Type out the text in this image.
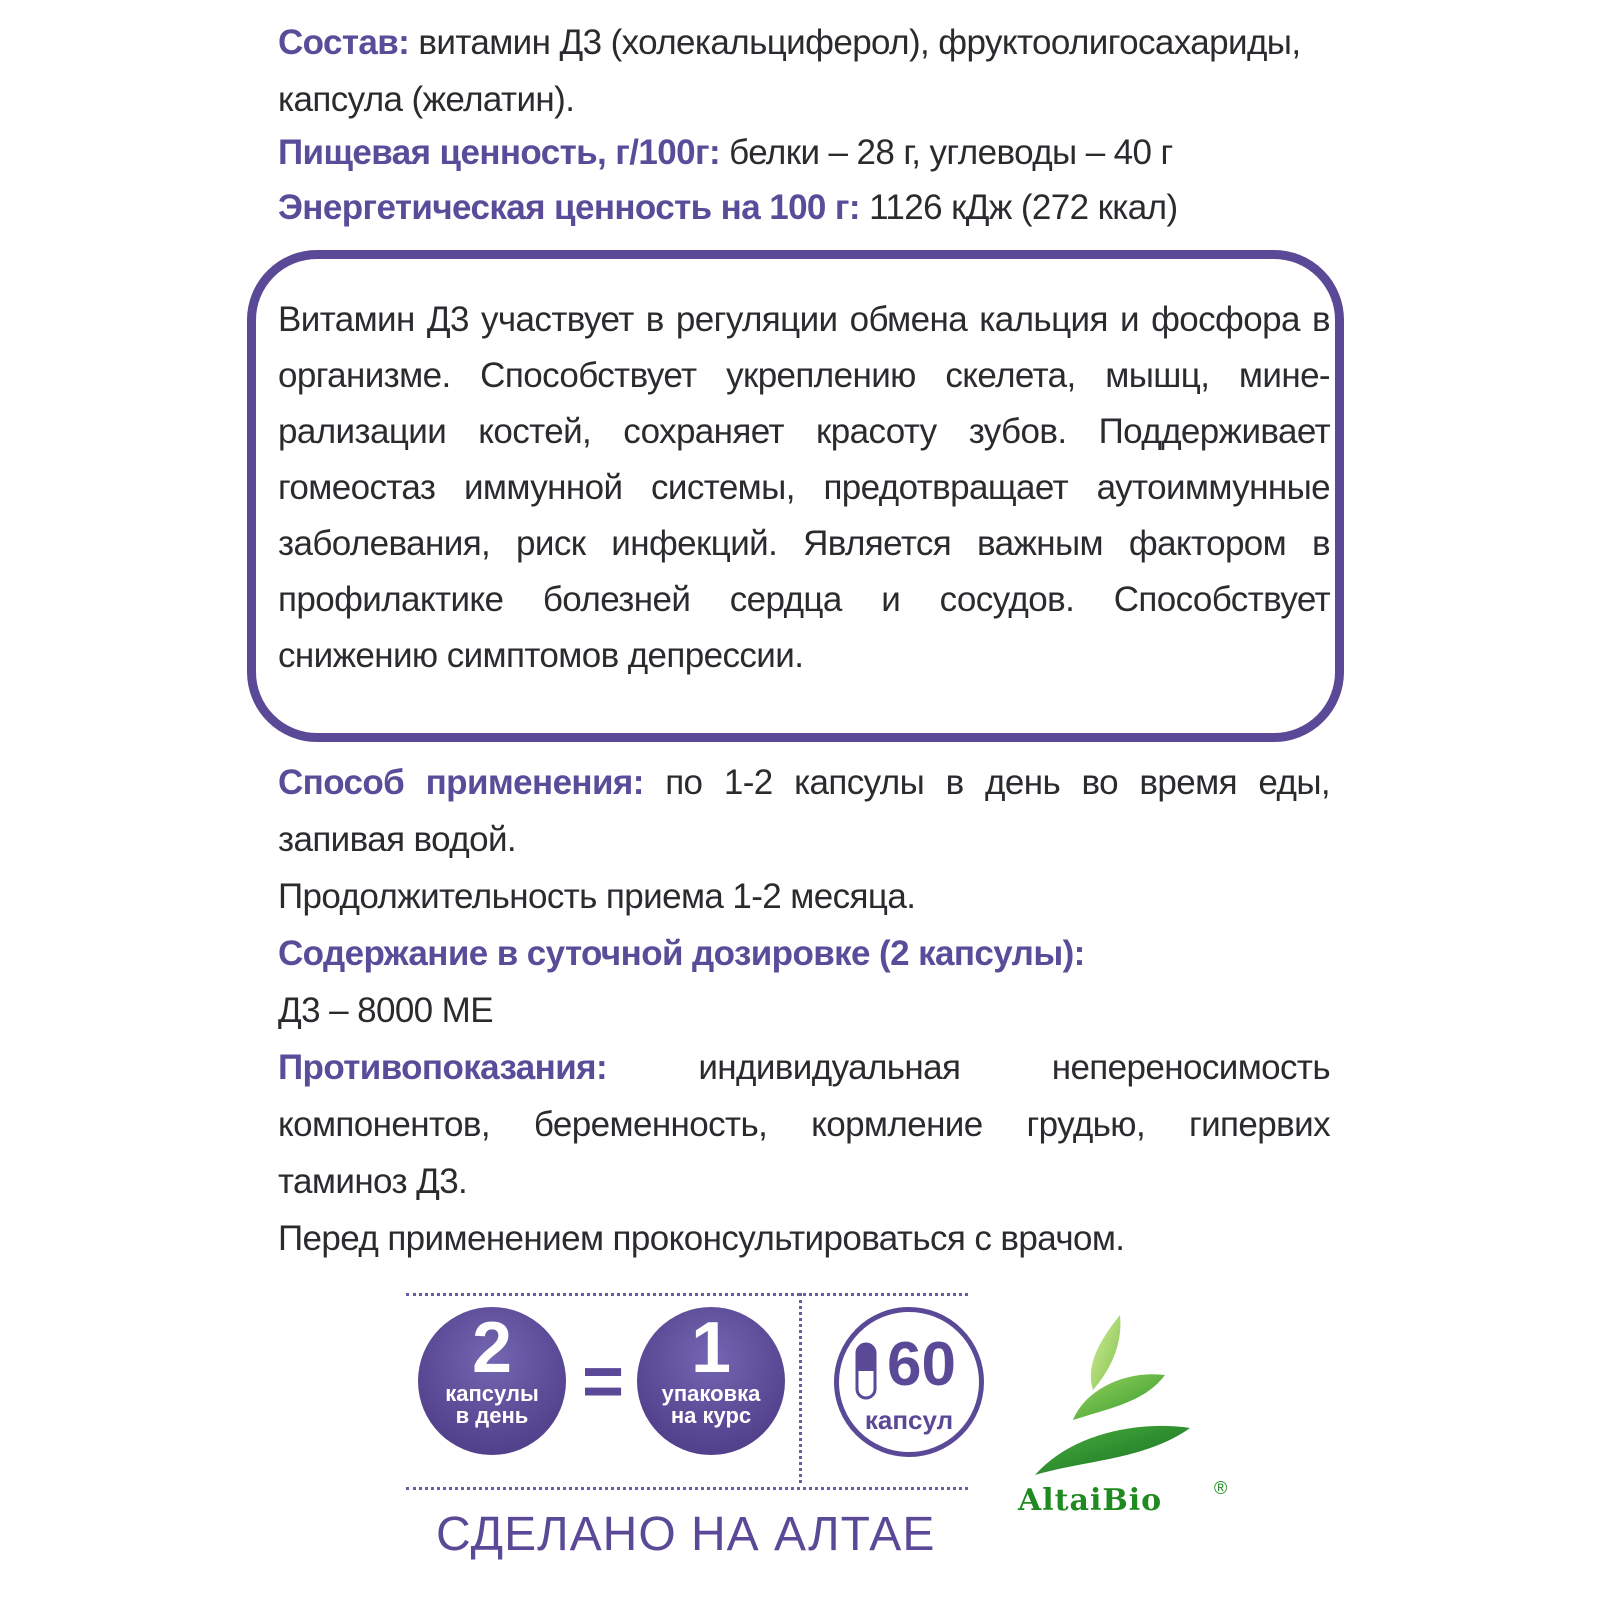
Состав: витамин Д3 (холекальциферол), фруктоолигосахариды,
капсула (желатин).
Пищевая ценность, г/100г: белки – 28 г, углеводы – 40 г
Энергетическая ценность на 100 г: 1126 кДж (272 ккал)
Витамин Д3 участвует в регуляции обмена кальция и фосфора в
организме. Способствует укреплению скелета, мышц, мине-
рализации костей, сохраняет красоту зубов. Поддерживает
гомеостаз иммунной системы, предотвращает аутоиммунные
заболевания, риск инфекций. Является важным фактором в
профилактике болезней сердца и сосудов. Способствует
снижению симптомов депрессии.
Способ применения: по 1-2 капсулы в день во время еды,
запивая водой.
Продолжительность приема 1-2 месяца.
Содержание в суточной дозировке (2 капсулы):
Д3 – 8000 МЕ
Противопоказания:	индивидуальная непереносимость
компонентов, беременность, кормление грудью, гипервиx
таминоз Д3.
Перед применением проконсультироваться с врачом.
2
капсулы
в день = 1
упаковка
на курс
60
капсул
СДЕЛАНО НА АЛТАЕ
AltaiBio	®
